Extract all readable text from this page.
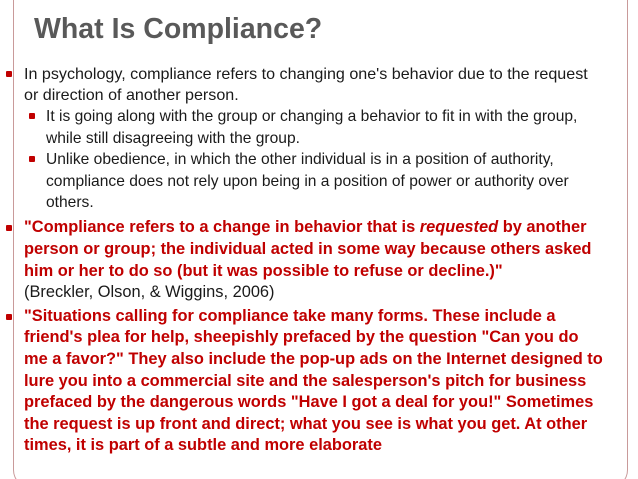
What Is Compliance?

In psychology, compliance refers to changing one's behavior due to the request or direction of another person.

It is going along with the group or changing a behavior to fit in with the group, while still disagreeing with the group.

Unlike obedience, in which the other individual is in a position of authority, compliance does not rely upon being in a position of power or authority over others.

"Compliance refers to a change in behavior that is requested by another person or group; the individual acted in some way because others asked him or her to do so (but it was possible to refuse or decline.)"
(Breckler, Olson, & Wiggins, 2006)

"Situations calling for compliance take many forms. These include a friend's plea for help, sheepishly prefaced by the question "Can you do me a favor?" They also include the pop-up ads on the Internet designed to lure you into a commercial site and the salesperson's pitch for business prefaced by the dangerous words "Have I got a deal for you!" Sometimes the request is up front and direct; what you see is what you get. At other times, it is part of a subtle and more elaborate
